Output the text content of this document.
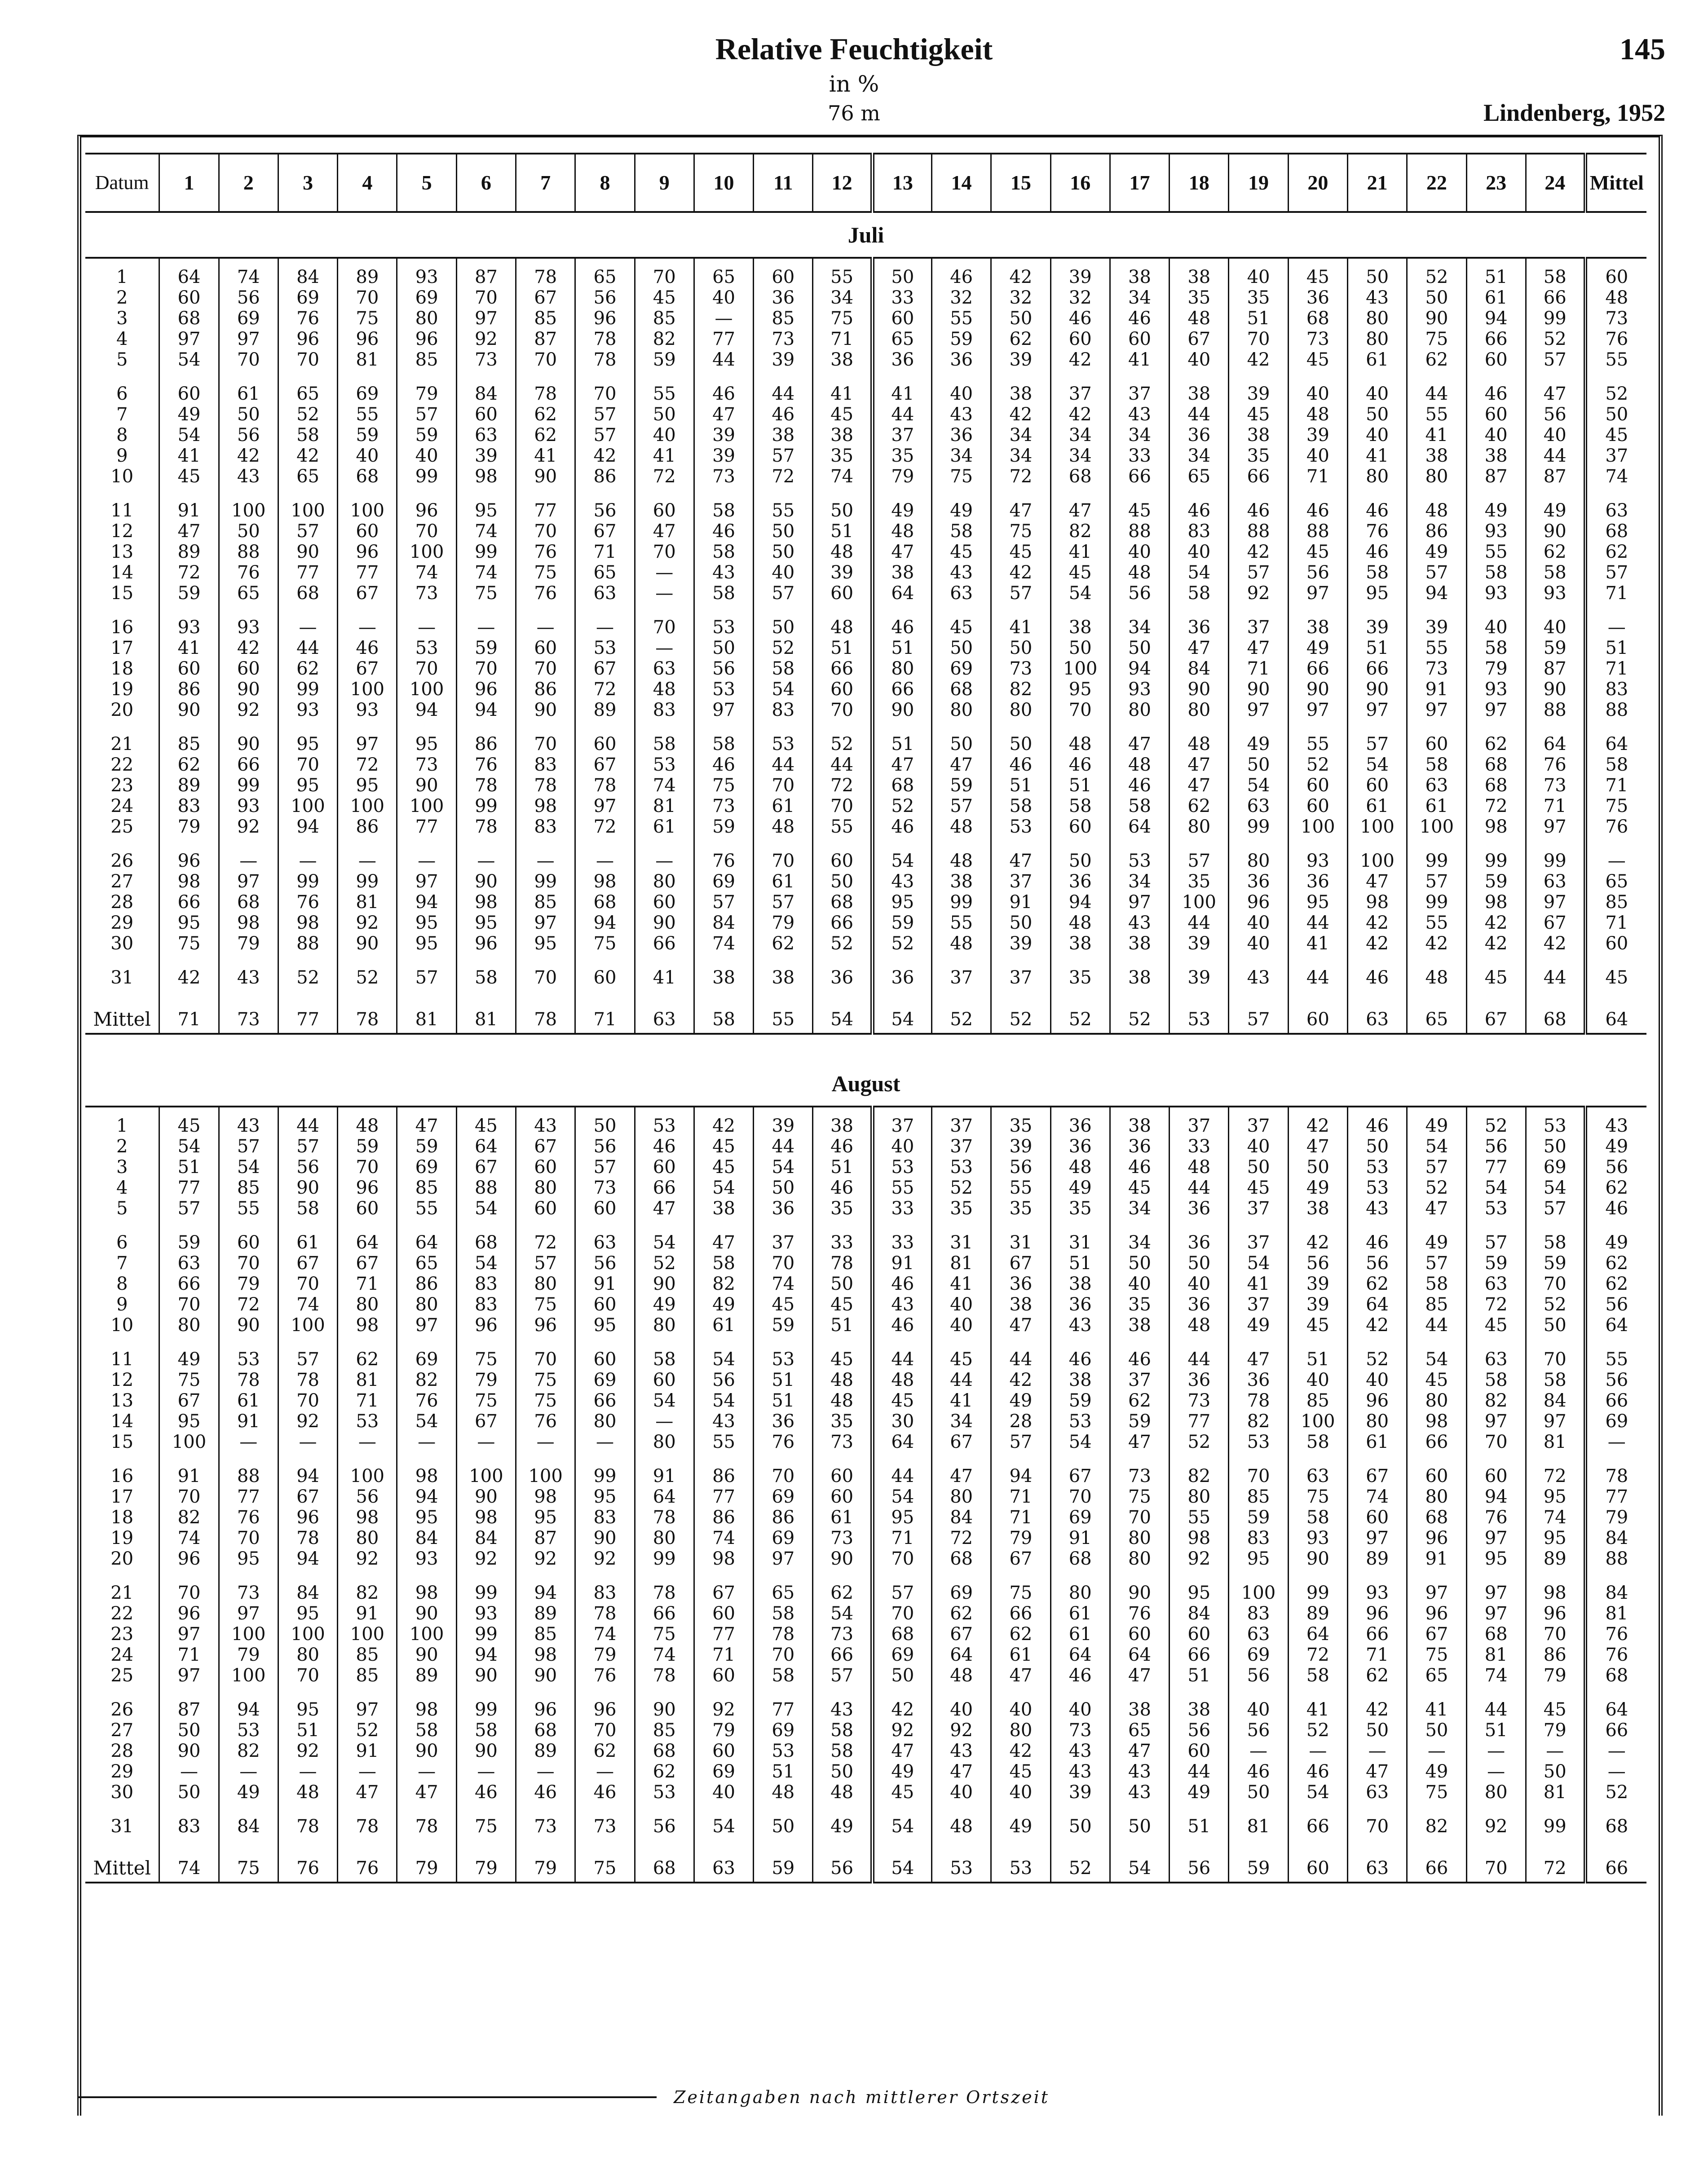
Relative Feuchtigkeit	145
in %
76 m	Lindenberg, 1952
Datum	1	2	3	4	5	6	7	8	9	10	11	12	13	14	15	16	17	18	19	20	21	22	23	24	Mittel
Juli																									

1	64	74	84	89	93	87	78	65	70	65	60	55	50	46	42	39	38	38	40	45	50	52	51	58	60
2	60	56	69	70	69	70	67	56	45	40	36	34	33	32	32	32	34	35	35	36	43	50	61	66	48
3	68	69	76	75	80	97	85	96	85	—	85	75	60	55	50	46	46	48	51	68	80	90	94	99	73
4	97	97	96	96	96	92	87	78	82	77	73	71	65	59	62	60	60	67	70	73	80	75	66	52	76
5	54	70	70	81	85	73	70	78	59	44	39	38	36	36	39	42	41	40	42	45	61	62	60	57	55

6	60	61	65	69	79	84	78	70	55	46	44	41	41	40	38	37	37	38	39	40	40	44	46	47	52
7	49	50	52	55	57	60	62	57	50	47	46	45	44	43	42	42	43	44	45	48	50	55	60	56	50
8	54	56	58	59	59	63	62	57	40	39	38	38	37	36	34	34	34	36	38	39	40	41	40	40	45
9	41	42	42	40	40	39	41	42	41	39	57	35	35	34	34	34	33	34	35	40	41	38	38	44	37
10	45	43	65	68	99	98	90	86	72	73	72	74	79	75	72	68	66	65	66	71	80	80	87	87	74

11	91	100	100	100	96	95	77	56	60	58	55	50	49	49	47	47	45	46	46	46	46	48	49	49	63
12	47	50	57	60	70	74	70	67	47	46	50	51	48	58	75	82	88	83	88	88	76	86	93	90	68
13	89	88	90	96	100	99	76	71	70	58	50	48	47	45	45	41	40	40	42	45	46	49	55	62	62
14	72	76	77	77	74	74	75	65	—	43	40	39	38	43	42	45	48	54	57	56	58	57	58	58	57
15	59	65	68	67	73	75	76	63	—	58	57	60	64	63	57	54	56	58	92	97	95	94	93	93	71

16	93	93	—	—	—	—	—	—	70	53	50	48	46	45	41	38	34	36	37	38	39	39	40	40	—
17	41	42	44	46	53	59	60	53	—	50	52	51	51	50	50	50	50	47	47	49	51	55	58	59	51
18	60	60	62	67	70	70	70	67	63	56	58	66	80	69	73	100	94	84	71	66	66	73	79	87	71
19	86	90	99	100	100	96	86	72	48	53	54	60	66	68	82	95	93	90	90	90	90	91	93	90	83
20	90	92	93	93	94	94	90	89	83	97	83	70	90	80	80	70	80	80	97	97	97	97	97	88	88

21	85	90	95	97	95	86	70	60	58	58	53	52	51	50	50	48	47	48	49	55	57	60	62	64	64
22	62	66	70	72	73	76	83	67	53	46	44	44	47	47	46	46	48	47	50	52	54	58	68	76	58
23	89	99	95	95	90	78	78	78	74	75	70	72	68	59	51	51	46	47	54	60	60	63	68	73	71
24	83	93	100	100	100	99	98	97	81	73	61	70	52	57	58	58	58	62	63	60	61	61	72	71	75
25	79	92	94	86	77	78	83	72	61	59	48	55	46	48	53	60	64	80	99	100	100	100	98	97	76

26	96	—	—	—	—	—	—	—	—	76	70	60	54	48	47	50	53	57	80	93	100	99	99	99	—
27	98	97	99	99	97	90	99	98	80	69	61	50	43	38	37	36	34	35	36	36	47	57	59	63	65
28	66	68	76	81	94	98	85	68	60	57	57	68	95	99	91	94	97	100	96	95	98	99	98	97	85
29	95	98	98	92	95	95	97	94	90	84	79	66	59	55	50	48	43	44	40	44	42	55	42	67	71
30	75	79	88	90	95	96	95	75	66	74	62	52	52	48	39	38	38	39	40	41	42	42	42	42	60

31	42	43	52	52	57	58	70	60	41	38	38	36	36	37	37	35	38	39	43	44	46	48	45	44	45

Mittel	71	73	77	78	81	81	78	71	63	58	55	54	54	52	52	52	52	53	57	60	63	65	67	68	64

August																									

1	45	43	44	48	47	45	43	50	53	42	39	38	37	37	35	36	38	37	37	42	46	49	52	53	43
2	54	57	57	59	59	64	67	56	46	45	44	46	40	37	39	36	36	33	40	47	50	54	56	50	49
3	51	54	56	70	69	67	60	57	60	45	54	51	53	53	56	48	46	48	50	50	53	57	77	69	56
4	77	85	90	96	85	88	80	73	66	54	50	46	55	52	55	49	45	44	45	49	53	52	54	54	62
5	57	55	58	60	55	54	60	60	47	38	36	35	33	35	35	35	34	36	37	38	43	47	53	57	46

6	59	60	61	64	64	68	72	63	54	47	37	33	33	31	31	31	34	36	37	42	46	49	57	58	49
7	63	70	67	67	65	54	57	56	52	58	70	78	91	81	67	51	50	50	54	56	56	57	59	59	62
8	66	79	70	71	86	83	80	91	90	82	74	50	46	41	36	38	40	40	41	39	62	58	63	70	62
9	70	72	74	80	80	83	75	60	49	49	45	45	43	40	38	36	35	36	37	39	64	85	72	52	56
10	80	90	100	98	97	96	96	95	80	61	59	51	46	40	47	43	38	48	49	45	42	44	45	50	64

11	49	53	57	62	69	75	70	60	58	54	53	45	44	45	44	46	46	44	47	51	52	54	63	70	55
12	75	78	78	81	82	79	75	69	60	56	51	48	48	44	42	38	37	36	36	40	40	45	58	58	56
13	67	61	70	71	76	75	75	66	54	54	51	48	45	41	49	59	62	73	78	85	96	80	82	84	66
14	95	91	92	53	54	67	76	80	—	43	36	35	30	34	28	53	59	77	82	100	80	98	97	97	69
15	100	—	—	—	—	—	—	—	80	55	76	73	64	67	57	54	47	52	53	58	61	66	70	81	—

16	91	88	94	100	98	100	100	99	91	86	70	60	44	47	94	67	73	82	70	63	67	60	60	72	78
17	70	77	67	56	94	90	98	95	64	77	69	60	54	80	71	70	75	80	85	75	74	80	94	95	77
18	82	76	96	98	95	98	95	83	78	86	86	61	95	84	71	69	70	55	59	58	60	68	76	74	79
19	74	70	78	80	84	84	87	90	80	74	69	73	71	72	79	91	80	98	83	93	97	96	97	95	84
20	96	95	94	92	93	92	92	92	99	98	97	90	70	68	67	68	80	92	95	90	89	91	95	89	88

21	70	73	84	82	98	99	94	83	78	67	65	62	57	69	75	80	90	95	100	99	93	97	97	98	84
22	96	97	95	91	90	93	89	78	66	60	58	54	70	62	66	61	76	84	83	89	96	96	97	96	81
23	97	100	100	100	100	99	85	74	75	77	78	73	68	67	62	61	60	60	63	64	66	67	68	70	76
24	71	79	80	85	90	94	98	79	74	71	70	66	69	64	61	64	64	66	69	72	71	75	81	86	76
25	97	100	70	85	89	90	90	76	78	60	58	57	50	48	47	46	47	51	56	58	62	65	74	79	68

26	87	94	95	97	98	99	96	96	90	92	77	43	42	40	40	40	38	38	40	41	42	41	44	45	64
27	50	53	51	52	58	58	68	70	85	79	69	58	92	92	80	73	65	56	56	52	50	50	51	79	66
28	90	82	92	91	90	90	89	62	68	60	53	58	47	43	42	43	47	60	—	—	—	—	—	—	—
29	—	—	—	—	—	—	—	—	62	69	51	50	49	47	45	43	43	44	46	46	47	49	—	50	—
30	50	49	48	47	47	46	46	46	53	40	48	48	45	40	40	39	43	49	50	54	63	75	80	81	52

31	83	84	78	78	78	75	73	73	56	54	50	49	54	48	49	50	50	51	81	66	70	82	92	99	68

Mittel	74	75	76	76	79	79	79	75	68	63	59	56	54	53	53	52	54	56	59	60	63	66	70	72	66
Zeitangaben nach mittlerer Ortszeit
